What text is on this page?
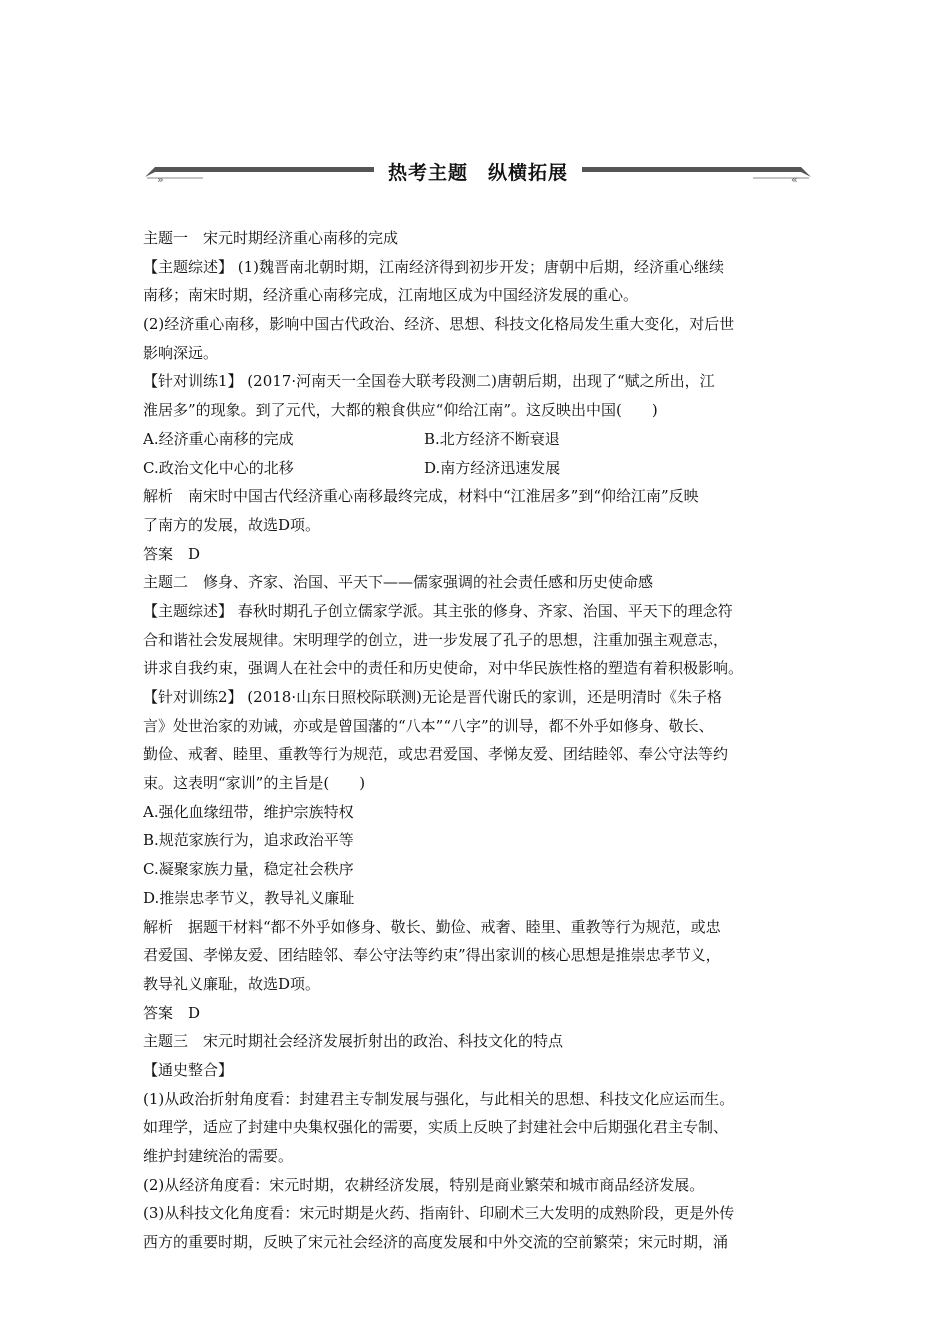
»	«
热考主题　纵横拓展
主题一　宋元时期经济重心南移的完成
【主题综述】 (1)魏晋南北朝时期，江南经济得到初步开发；唐朝中后期，经济重心继续
南移；南宋时期，经济重心南移完成，江南地区成为中国经济发展的重心。
(2)经济重心南移，影响中国古代政治、经济、思想、科技文化格局发生重大变化，对后世
影响深远。
【针对训练1】 (2017·河南天一全国卷大联考段测二)唐朝后期，出现了“赋之所出，江
淮居多”的现象。到了元代，大都的粮食供应“仰给江南”。这反映出中国(　　)
A.经济重心南移的完成	B.北方经济不断衰退
C.政治文化中心的北移	D.南方经济迅速发展
解析　南宋时中国古代经济重心南移最终完成，材料中“江淮居多”到“仰给江南”反映
了南方的发展，故选D项。
答案　D
主题二　修身、齐家、治国、平天下——儒家强调的社会责任感和历史使命感
【主题综述】 春秋时期孔子创立儒家学派。其主张的修身、齐家、治国、平天下的理念符
合和谐社会发展规律。宋明理学的创立，进一步发展了孔子的思想，注重加强主观意志，
讲求自我约束，强调人在社会中的责任和历史使命，对中华民族性格的塑造有着积极影响。
【针对训练2】 (2018·山东日照校际联测)无论是晋代谢氏的家训，还是明清时《朱子格
言》处世治家的劝诫，亦或是曾国藩的“八本”“八字”的训导，都不外乎如修身、敬长、
勤俭、戒奢、睦里、重教等行为规范，或忠君爱国、孝悌友爱、团结睦邻、奉公守法等约
束。这表明“家训”的主旨是(　　)
A.强化血缘纽带，维护宗族特权
B.规范家族行为，追求政治平等
C.凝聚家族力量，稳定社会秩序
D.推崇忠孝节义，教导礼义廉耻
解析　据题干材料“都不外乎如修身、敬长、勤俭、戒奢、睦里、重教等行为规范，或忠
君爱国、孝悌友爱、团结睦邻、奉公守法等约束”得出家训的核心思想是推崇忠孝节义，
教导礼义廉耻，故选D项。
答案　D
主题三　宋元时期社会经济发展折射出的政治、科技文化的特点
【通史整合】
(1)从政治折射角度看：封建君主专制发展与强化，与此相关的思想、科技文化应运而生。
如理学，适应了封建中央集权强化的需要，实质上反映了封建社会中后期强化君主专制、
维护封建统治的需要。
(2)从经济角度看：宋元时期，农耕经济发展，特别是商业繁荣和城市商品经济发展。
(3)从科技文化角度看：宋元时期是火药、指南针、印刷术三大发明的成熟阶段，更是外传
西方的重要时期，反映了宋元社会经济的高度发展和中外交流的空前繁荣；宋元时期，涌
